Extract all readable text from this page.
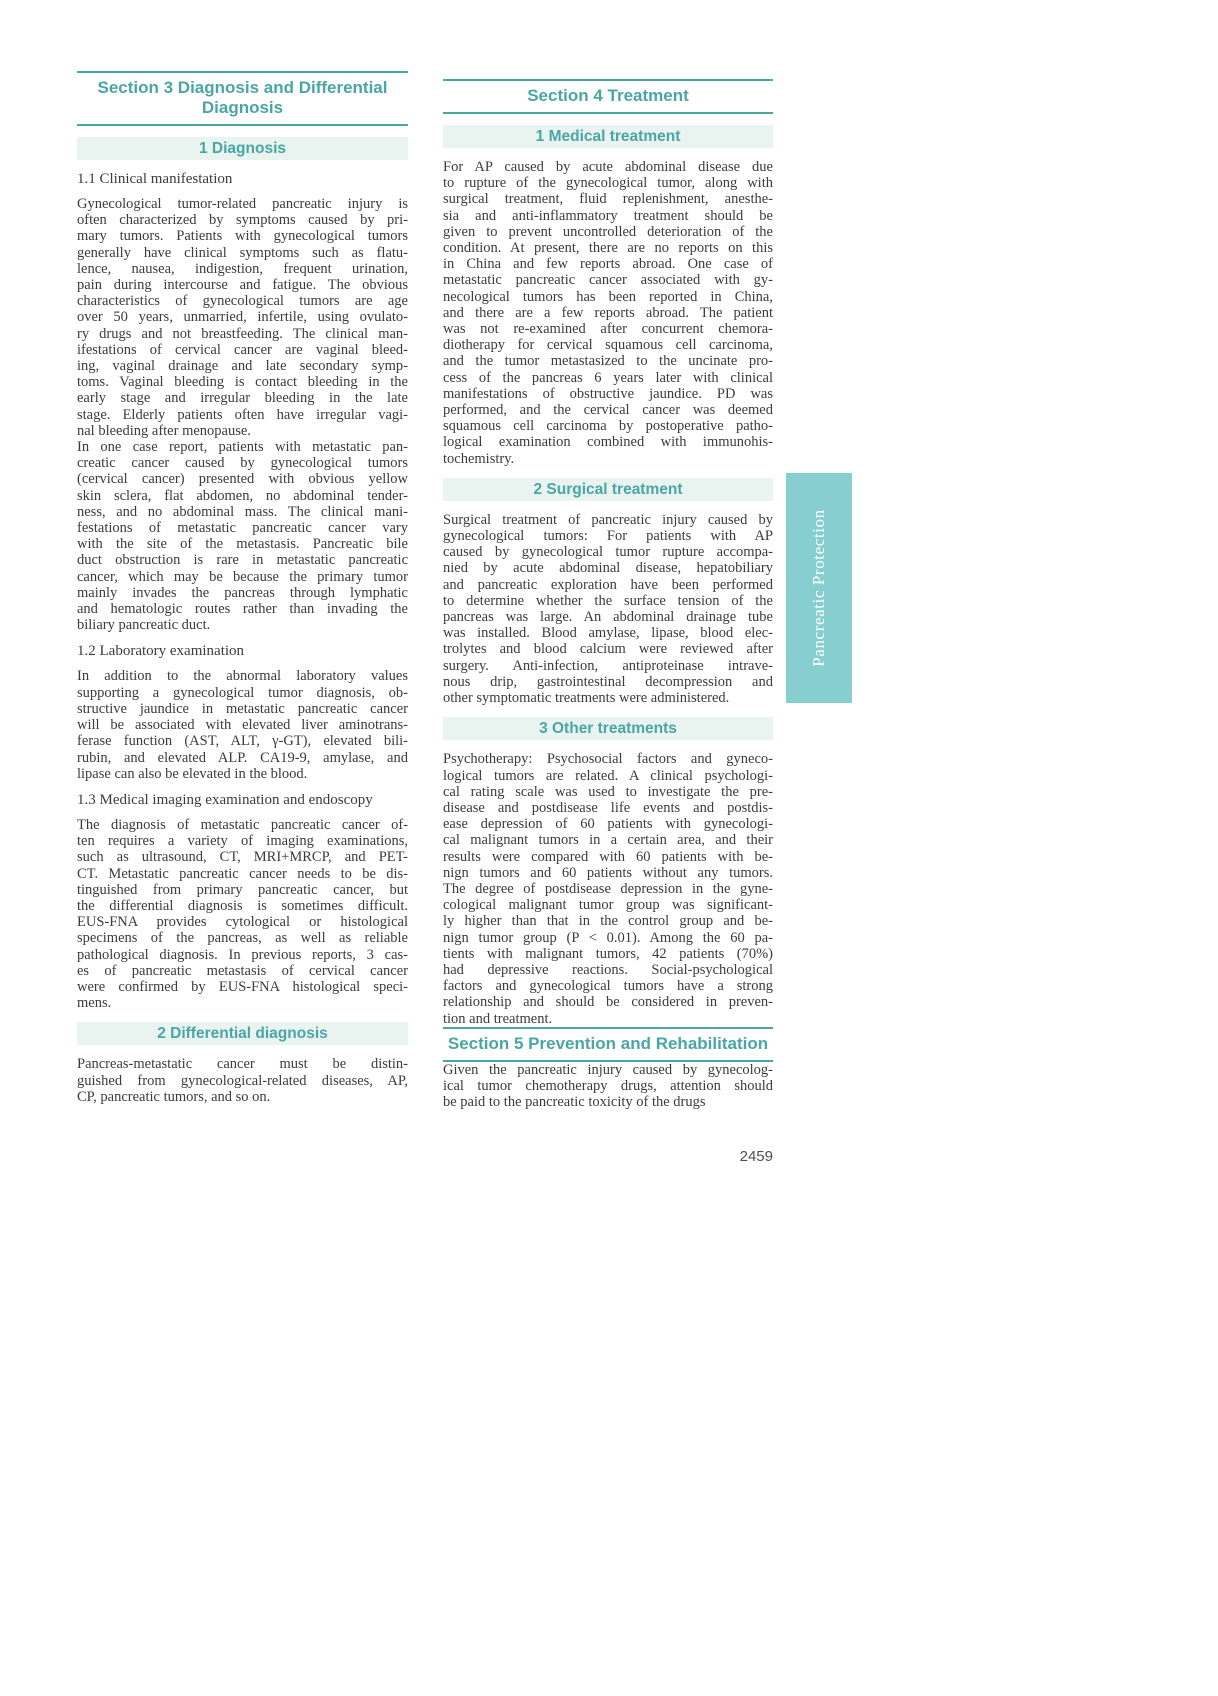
Section 3 Diagnosis and Differential Diagnosis
1 Diagnosis
1.1 Clinical manifestation
Gynecological tumor-related pancreatic injury is
often characterized by symptoms caused by pri-
mary tumors. Patients with gynecological tumors
generally have clinical symptoms such as flatu-
lence, nausea, indigestion, frequent urination,
pain during intercourse and fatigue. The obvious
characteristics of gynecological tumors are age
over 50 years, unmarried, infertile, using ovulato-
ry drugs and not breastfeeding. The clinical man-
ifestations of cervical cancer are vaginal bleed-
ing, vaginal drainage and late secondary symp-
toms. Vaginal bleeding is contact bleeding in the
early stage and irregular bleeding in the late
stage. Elderly patients often have irregular vagi-
nal bleeding after menopause.
In one case report, patients with metastatic pan-
creatic cancer caused by gynecological tumors
(cervical cancer) presented with obvious yellow
skin sclera, flat abdomen, no abdominal tender-
ness, and no abdominal mass. The clinical mani-
festations of metastatic pancreatic cancer vary
with the site of the metastasis. Pancreatic bile
duct obstruction is rare in metastatic pancreatic
cancer, which may be because the primary tumor
mainly invades the pancreas through lymphatic
and hematologic routes rather than invading the
biliary pancreatic duct.
1.2 Laboratory examination
In addition to the abnormal laboratory values
supporting a gynecological tumor diagnosis, ob-
structive jaundice in metastatic pancreatic cancer
will be associated with elevated liver aminotrans-
ferase function (AST, ALT, γ-GT), elevated bili-
rubin, and elevated ALP. CA19-9, amylase, and
lipase can also be elevated in the blood.
1.3 Medical imaging examination and endoscopy
The diagnosis of metastatic pancreatic cancer of-
ten requires a variety of imaging examinations,
such as ultrasound, CT, MRI+MRCP, and PET-
CT. Metastatic pancreatic cancer needs to be dis-
tinguished from primary pancreatic cancer, but
the differential diagnosis is sometimes difficult.
EUS-FNA provides cytological or histological
specimens of the pancreas, as well as reliable
pathological diagnosis. In previous reports, 3 cas-
es of pancreatic metastasis of cervical cancer
were confirmed by EUS-FNA histological speci-
mens.
2 Differential diagnosis
Pancreas-metastatic cancer must be distin-
guished from gynecological-related diseases, AP,
CP, pancreatic tumors, and so on.
Section 4 Treatment
1 Medical treatment
For AP caused by acute abdominal disease due
to rupture of the gynecological tumor, along with
surgical treatment, fluid replenishment, anesthe-
sia and anti-inflammatory treatment should be
given to prevent uncontrolled deterioration of the
condition. At present, there are no reports on this
in China and few reports abroad. One case of
metastatic pancreatic cancer associated with gy-
necological tumors has been reported in China,
and there are a few reports abroad. The patient
was not re-examined after concurrent chemora-
diotherapy for cervical squamous cell carcinoma,
and the tumor metastasized to the uncinate pro-
cess of the pancreas 6 years later with clinical
manifestations of obstructive jaundice. PD was
performed, and the cervical cancer was deemed
squamous cell carcinoma by postoperative patho-
logical examination combined with immunohis-
tochemistry.
2 Surgical treatment
Surgical treatment of pancreatic injury caused by
gynecological tumors: For patients with AP
caused by gynecological tumor rupture accompa-
nied by acute abdominal disease, hepatobiliary
and pancreatic exploration have been performed
to determine whether the surface tension of the
pancreas was large. An abdominal drainage tube
was installed. Blood amylase, lipase, blood elec-
trolytes and blood calcium were reviewed after
surgery. Anti-infection, antiproteinase intrave-
nous drip, gastrointestinal decompression and
other symptomatic treatments were administered.
3 Other treatments
Psychotherapy: Psychosocial factors and gyneco-
logical tumors are related. A clinical psychologi-
cal rating scale was used to investigate the pre-
disease and postdisease life events and postdis-
ease depression of 60 patients with gynecologi-
cal malignant tumors in a certain area, and their
results were compared with 60 patients with be-
nign tumors and 60 patients without any tumors.
The degree of postdisease depression in the gyne-
cological malignant tumor group was significant-
ly higher than that in the control group and be-
nign tumor group (P < 0.01). Among the 60 pa-
tients with malignant tumors, 42 patients (70%)
had depressive reactions. Social-psychological
factors and gynecological tumors have a strong
relationship and should be considered in preven-
tion and treatment.
Section 5 Prevention and Rehabilitation
Given the pancreatic injury caused by gynecolog-
ical tumor chemotherapy drugs, attention should
be paid to the pancreatic toxicity of the drugs
Pancreatic Protection
2459
